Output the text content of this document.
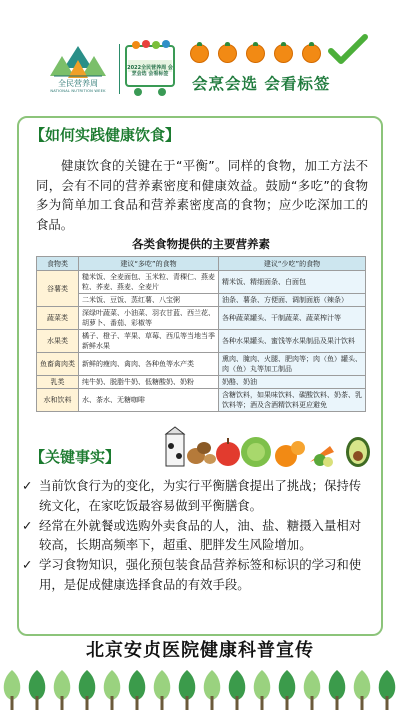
全民营养周
NATIONAL NUTRITION WEEK
2022全民营养周 会烹会选 会看标签
会烹会选 会看标签
【如何实践健康饮食】
健康饮食的关键在于“平衡”。同样的食物，加工方法不同，会有不同的营养素密度和健康效益。鼓励“多吃”的食物多为简单加工食品和营养素密度高的食物；应少吃深加工的食品。
各类食物提供的主要营养素
食物类	建议“多吃”的食物	建议“少吃”的食物
谷薯类	糙米饭、全麦面包、玉米粒、青稞仁、燕麦粒、荞麦、燕麦、全麦片	精米饭、精细面条、白面包
	二米饭、豆饭、蒸红薯、八宝粥	油条、薯条、方便面、调制面筋（辣条）
蔬菜类	深绿叶蔬菜、小油菜、羽衣甘蓝、西兰花、胡萝卜、番茄、彩椒等	各种蔬菜罐头、干制蔬菜、蔬菜榨汁等
水果类	橘子、橙子、苹果、草莓、西瓜等当地当季新鲜水果	各种水果罐头、蜜饯等水果制品及果汁饮料
鱼畜禽肉类	新鲜的瘦肉、禽肉、各种鱼等水产类	熏肉、腌肉、火腿、肥肉等；肉（鱼）罐头、肉（鱼）丸等加工制品
乳类	纯牛奶、脱脂牛奶、低糖酸奶、奶粉	奶酪、奶油
水和饮料	水、茶水、无糖咖啡	含糖饮料，如果味饮料、碳酸饮料、奶茶、乳饮料等；酒及含酒精饮料更应避免
【关键事实】
✓ 当前饮食行为的变化，为实行平衡膳食提出了挑战；保持传统文化，在家吃饭最容易做到平衡膳食。
✓ 经常在外就餐或选购外卖食品的人，油、盐、糖摄入量相对较高，长期高频率下，超重、肥胖发生风险增加。
✓ 学习食物知识，强化预包装食品营养标签和标识的学习和使用，是促成健康选择食品的有效手段。
北京安贞医院健康科普宣传
